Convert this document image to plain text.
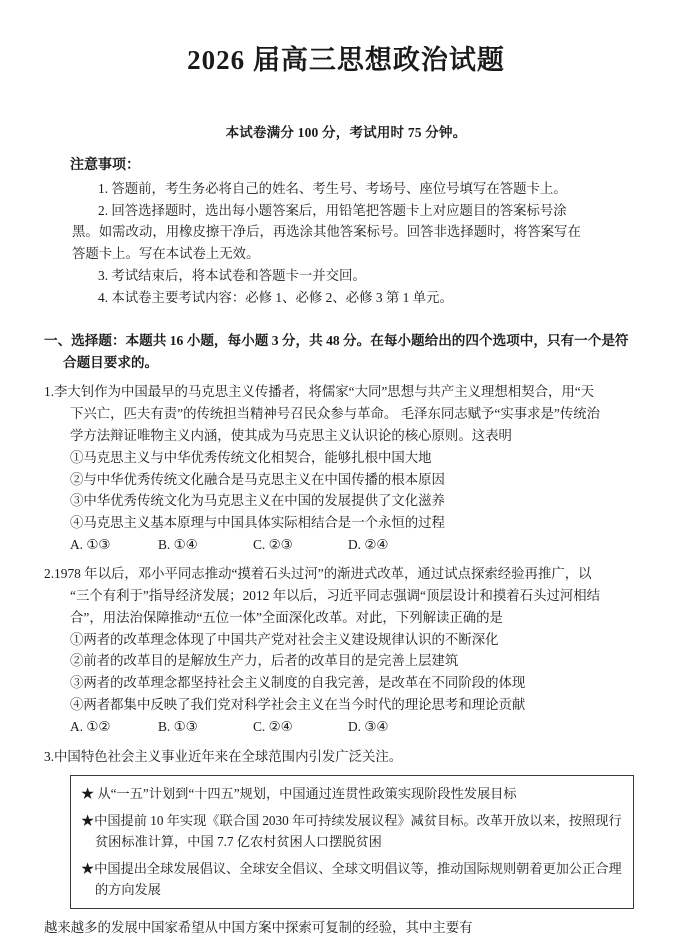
2026 届高三思想政治试题
本试卷满分 100 分，考试用时 75 分钟。
注意事项：
1. 答题前，考生务必将自己的姓名、考生号、考场号、座位号填写在答题卡上。
2. 回答选择题时，选出每小题答案后，用铅笔把答题卡上对应题目的答案标号涂
黑。如需改动，用橡皮擦干净后，再选涂其他答案标号。回答非选择题时，将答案写在
答题卡上。写在本试卷上无效。
3. 考试结束后，将本试卷和答题卡一并交回。
4. 本试卷主要考试内容：必修 1、必修 2、必修 3 第 1 单元。
一、选择题：本题共 16 小题，每小题 3 分，共 48 分。在每小题给出的四个选项中，只有一个是符
合题目要求的。
1.李大钊作为中国最早的马克思主义传播者，将儒家“大同”思想与共产主义理想相契合，用“天
下兴亡，匹夫有责”的传统担当精神号召民众参与革命。 毛泽东同志赋予“实事求是”传统治
学方法辩证唯物主义内涵，使其成为马克思主义认识论的核心原则。这表明
①马克思主义与中华优秀传统文化相契合，能够扎根中国大地
②与中华优秀传统文化融合是马克思主义在中国传播的根本原因
③中华优秀传统文化为马克思主义在中国的发展提供了文化滋养
④马克思主义基本原理与中国具体实际相结合是一个永恒的过程
A. ①③	B. ①④	C. ②③	D. ②④
2.1978 年以后，邓小平同志推动“摸着石头过河”的渐进式改革，通过试点探索经验再推广，以
“三个有利于”指导经济发展；2012 年以后，习近平同志强调“顶层设计和摸着石头过河相结
合”，用法治保障推动“五位一体”全面深化改革。对此，下列解读正确的是
①两者的改革理念体现了中国共产党对社会主义建设规律认识的不断深化
②前者的改革目的是解放生产力，后者的改革目的是完善上层建筑
③两者的改革理念都坚持社会主义制度的自我完善，是改革在不同阶段的体现
④两者都集中反映了我们党对科学社会主义在当今时代的理论思考和理论贡献
A. ①②	B. ①③	C. ②④	D. ③④
3.中国特色社会主义事业近年来在全球范围内引发广泛关注。

★ 从“一五”计划到“十四五”规划，中国通过连贯性政策实现阶段性发展目标

★中国提前 10 年实现《联合国 2030 年可持续发展议程》减贫目标。改革开放以来，按照现行贫困标准计算，中国 7.7 亿农村贫困人口摆脱贫困

★中国提出全球发展倡议、全球安全倡议、全球文明倡议等，推动国际规则朝着更加公正合理的方向发展

越来越多的发展中国家希望从中国方案中探索可复制的经验，其中主要有
